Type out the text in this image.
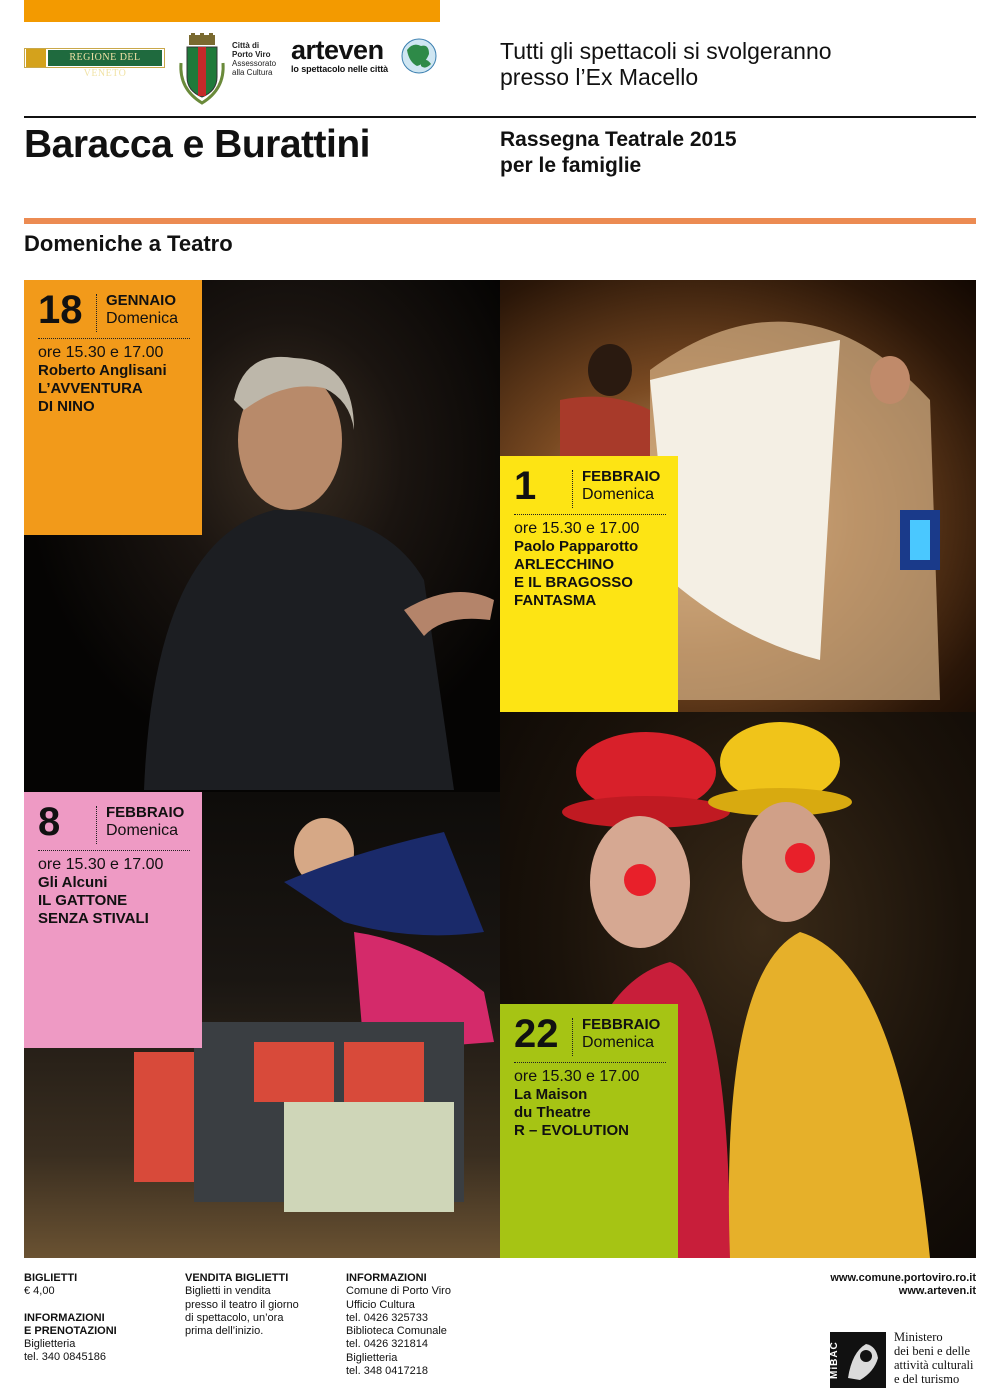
REGIONE DEL VENETO
Città di
Porto Viro
Assessorato
alla Cultura
arteven
lo spettacolo nelle città
Tutti gli spettacoli si svolgeranno
presso l’Ex Macello
Baracca e Burattini	Rassegna Teatrale 2015
per le famiglie
Domeniche a Teatro
18 GENNAIO
Domenica
ore 15.30 e 17.00
Roberto Anglisani
L’AVVENTURA
DI NINO
1	FEBBRAIO
Domenica
ore 15.30 e 17.00
Paolo Papparotto
ARLECCHINO
E IL BRAGOSSO
FANTASMA
8	FEBBRAIO
Domenica
ore 15.30 e 17.00
Gli Alcuni
IL GATTONE
SENZA STIVALI
22 FEBBRAIO
Domenica
ore 15.30 e 17.00
La Maison
du Theatre
R – EVOLUTION
BIGLIETTI
€ 4,00
INFORMAZIONI
E PRENOTAZIONI
Biglietteria
tel. 340 0845186
VENDITA BIGLIETTI
Biglietti in vendita
presso il teatro il giorno
di spettacolo, un’ora
prima dell’inizio.
INFORMAZIONI
Comune di Porto Viro
Ufficio Cultura
tel. 0426 325733
Biblioteca Comunale
tel. 0426 321814
Biglietteria
tel. 348 0417218
www.comune.portoviro.ro.it
www.arteven.it
MiBAC
Ministero
dei beni e delle
attività culturali
e del turismo
